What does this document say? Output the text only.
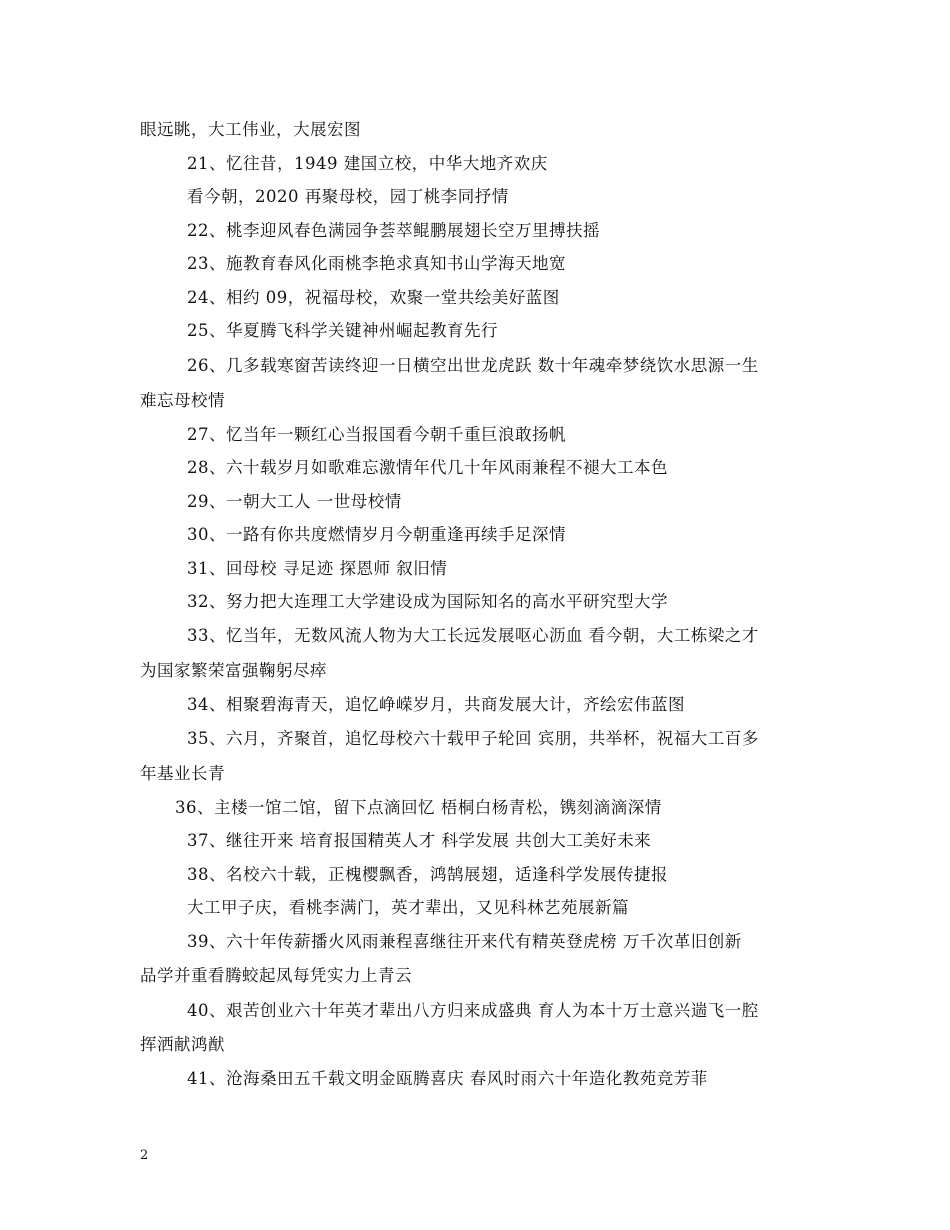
眼远眺，大工伟业，大展宏图
21、忆往昔，1949 建国立校，中华大地齐欢庆
看今朝，2020 再聚母校，园丁桃李同抒情
22、桃李迎风春色满园争荟萃鲲鹏展翅长空万里搏扶摇
23、施教育春风化雨桃李艳求真知书山学海天地宽
24、相约 09，祝福母校，欢聚一堂共绘美好蓝图
25、华夏腾飞科学关键神州崛起教育先行
26、几多载寒窗苦读终迎一日横空出世龙虎跃 数十年魂牵梦绕饮水思源一生
难忘母校情
27、忆当年一颗红心当报国看今朝千重巨浪敢扬帆
28、六十载岁月如歌难忘激情年代几十年风雨兼程不褪大工本色
29、一朝大工人 一世母校情
30、一路有你共度燃情岁月今朝重逢再续手足深情
31、回母校 寻足迹 探恩师 叙旧情
32、努力把大连理工大学建设成为国际知名的高水平研究型大学
33、忆当年，无数风流人物为大工长远发展呕心沥血 看今朝，大工栋梁之才
为国家繁荣富强鞠躬尽瘁
34、相聚碧海青天，追忆峥嵘岁月，共商发展大计，齐绘宏伟蓝图
35、六月，齐聚首，追忆母校六十载甲子轮回 宾朋，共举杯，祝福大工百多
年基业长青
36、主楼一馆二馆，留下点滴回忆 梧桐白杨青松，镌刻滴滴深情
37、继往开来 培育报国精英人才 科学发展 共创大工美好未来
38、名校六十载，正槐樱飘香，鸿鹄展翅，适逢科学发展传捷报
大工甲子庆，看桃李满门，英才辈出，又见科林艺苑展新篇
39、六十年传薪播火风雨兼程喜继往开来代有精英登虎榜 万千次革旧创新
品学并重看腾蛟起凤每凭实力上青云
40、艰苦创业六十年英才辈出八方归来成盛典 育人为本十万士意兴遄飞一腔
挥洒献鸿猷
41、沧海桑田五千载文明金瓯腾喜庆 春风时雨六十年造化教苑竞芳菲
2
